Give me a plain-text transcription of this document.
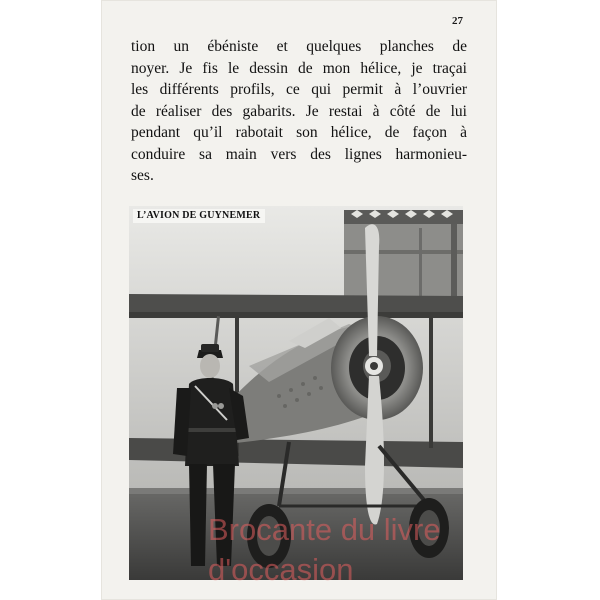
27

tion un ébéniste et quelques planches de
noyer. Je fis le dessin de mon hélice, je traçai
les différents profils, ce qui permit à l’ouvrier
de réaliser des gabarits. Je restai à côté de lui
pendant qu’il rabotait son hélice, de façon à
conduire sa main vers des lignes harmonieu-
ses.

L’AVION DE GUYNEMER
Brocante du livre
d'occasion
